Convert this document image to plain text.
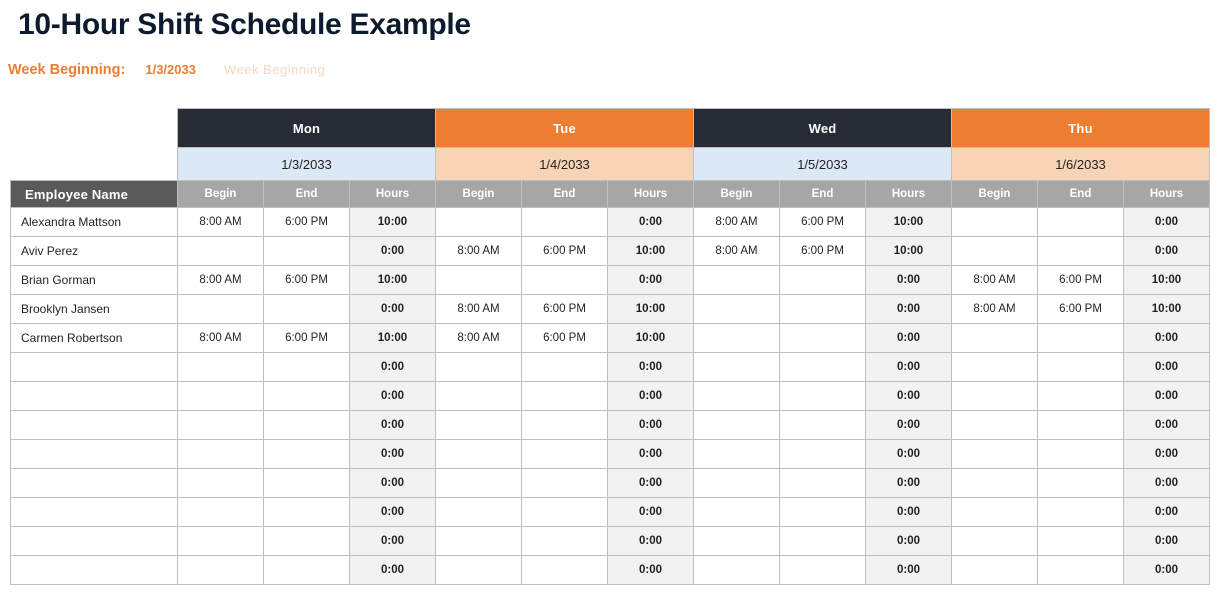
10-Hour Shift Schedule Example
Week Beginning: 1/3/2033 Week Beginning
	Mon			Tue			Wed			Thu		
	1/3/2033			1/4/2033			1/5/2033			1/6/2033		
Employee Name	Begin	End	Hours	Begin	End	Hours	Begin	End	Hours	Begin	End	Hours
Alexandra Mattson	8:00 AM	6:00 PM	10:00			0:00	8:00 AM	6:00 PM	10:00			0:00
Aviv Perez			0:00	8:00 AM	6:00 PM	10:00	8:00 AM	6:00 PM	10:00			0:00
Brian Gorman	8:00 AM	6:00 PM	10:00			0:00			0:00	8:00 AM	6:00 PM	10:00
Brooklyn Jansen			0:00	8:00 AM	6:00 PM	10:00			0:00	8:00 AM	6:00 PM	10:00
Carmen Robertson	8:00 AM	6:00 PM	10:00	8:00 AM	6:00 PM	10:00			0:00			0:00
			0:00			0:00			0:00			0:00
			0:00			0:00			0:00			0:00
			0:00			0:00			0:00			0:00
			0:00			0:00			0:00			0:00
			0:00			0:00			0:00			0:00
			0:00			0:00			0:00			0:00
			0:00			0:00			0:00			0:00
			0:00			0:00			0:00			0:00
